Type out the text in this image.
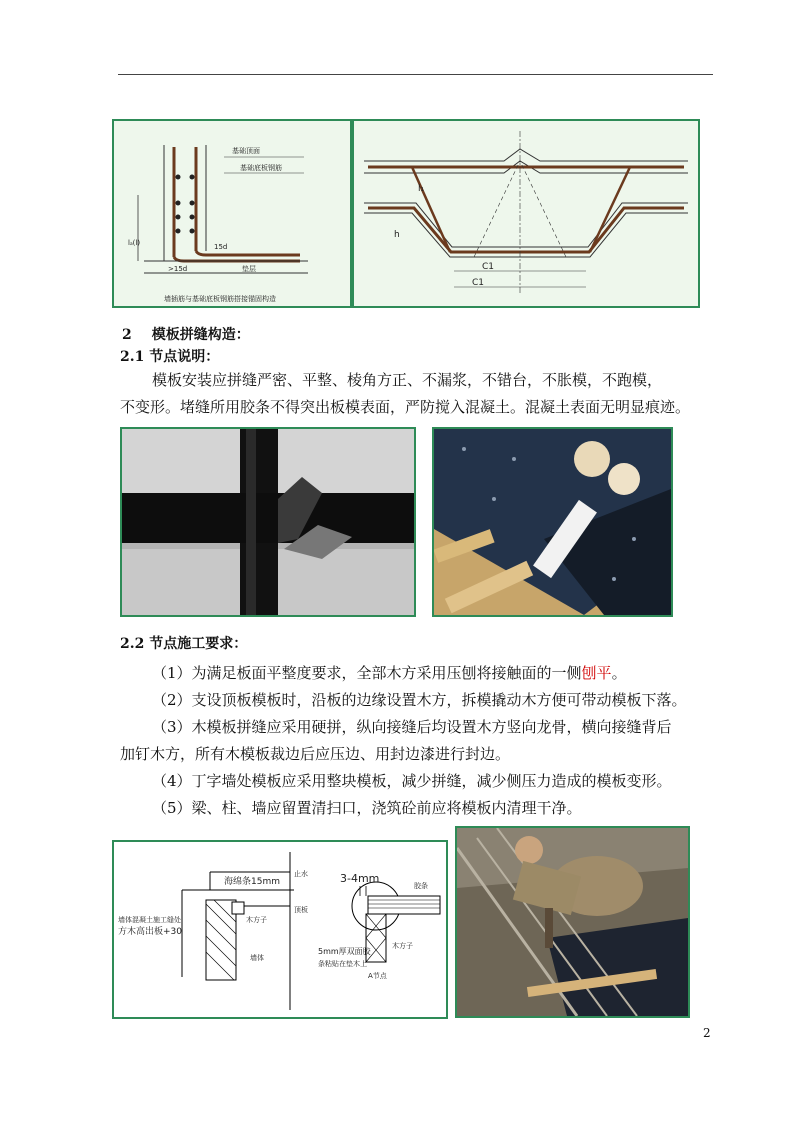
基础顶面
基础底板钢筋
15d
>15d	垫层
lₐ(l)
墙插筋与基础底板钢筋搭接锚固构造
l₁
h
C1
C1
2 模板拼缝构造：
2.1 节点说明：
模板安装应拼缝严密、平整、棱角方正、不漏浆，不错台，不胀模，不跑模，
不变形。堵缝所用胶条不得突出板模表面，严防搅入混凝土。混凝土表面无明显痕迹。
2.2 节点施工要求：
（1）为满足板面平整度要求，全部木方采用压刨将接触面的一侧刨平。
（2）支设顶板模板时，沿板的边缘设置木方，拆模撬动木方便可带动模板下落。
（3）木模板拼缝应采用硬拼，纵向接缝后均设置木方竖向龙骨，横向接缝背后
加钉木方，所有木模板裁边后应压边、用封边漆进行封边。
（4）丁字墙处模板应采用整块模板，减少拼缝，减少侧压力造成的模板变形。
（5）梁、柱、墙应留置清扫口，浇筑砼前应将模板内清理干净。
墙体混凝土施工缝处
方木高出板+30
海绵条15mm
止水
木方子
顶板
墙体
3-4mm
胶条
5mm厚双面胶
条粘贴在垫木上
木方子
A节点
2
